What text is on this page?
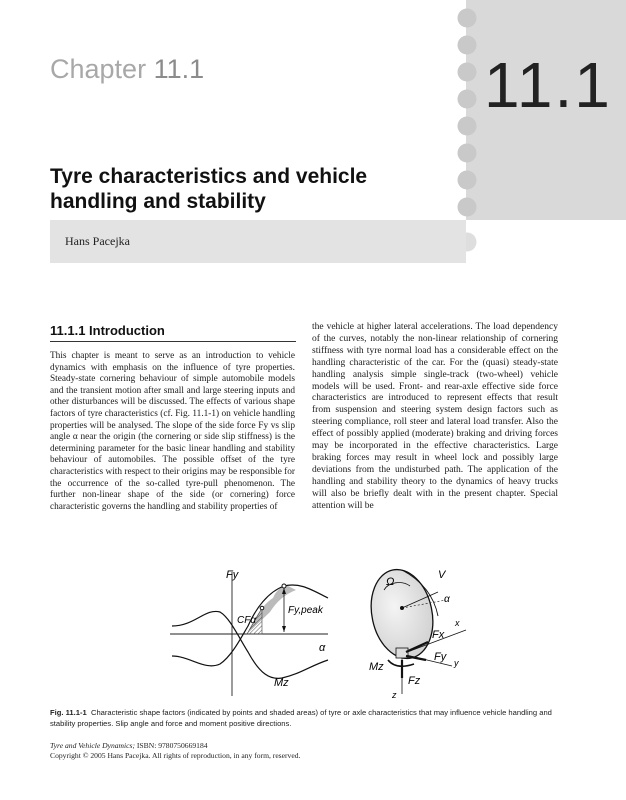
11.1
Chapter 11.1
Tyre characteristics and vehicle handling and stability
Hans Pacejka
11.1.1 Introduction
This chapter is meant to serve as an introduction to vehicle dynamics with emphasis on the influence of tyre properties. Steady-state cornering behaviour of simple automobile models and the transient motion after small and large steering inputs and other disturbances will be discussed. The effects of various shape factors of tyre characteristics (cf. Fig. 11.1-1) on vehicle handling properties will be analysed. The slope of the side force Fy vs slip angle α near the origin (the cornering or side slip stiffness) is the determining parameter for the basic linear handling and stability behaviour of automobiles. The possible offset of the tyre characteristics with respect to their origins may be responsible for the occurrence of the so-called tyre-pull phenomenon. The further non-linear shape of the side (or cornering) force characteristic governs the handling and stability properties of
the vehicle at higher lateral accelerations. The load dependency of the curves, notably the non-linear relationship of cornering stiffness with tyre normal load has a considerable effect on the handling characteristic of the car. For the (quasi) steady-state handling analysis simple single-track (two-wheel) vehicle models will be used. Front- and rear-axle effective side force characteristics are introduced to represent effects that result from suspension and steering system design factors such as steering compliance, roll steer and lateral load transfer. Also the effect of possibly applied (moderate) braking and driving forces may be incorporated in the effective characteristics. Large braking forces may result in wheel lock and possibly large deviations from the undisturbed path. The application of the handling and stability theory to the dynamics of heavy trucks will also be briefly dealt with in the present chapter. Special attention will be
Fy
Fy,peak
CFα
α
Mz
Ω
V
α
Fx
x
Fy y
Mz
Fz
z
Fig. 11.1-1 Characteristic shape factors (indicated by points and shaded areas) of tyre or axle characteristics that may influence vehicle handling and stability properties. Slip angle and force and moment positive directions.
Tyre and Vehicle Dynamics; ISBN: 9780750669184
Copyright © 2005 Hans Pacejka. All rights of reproduction, in any form, reserved.
